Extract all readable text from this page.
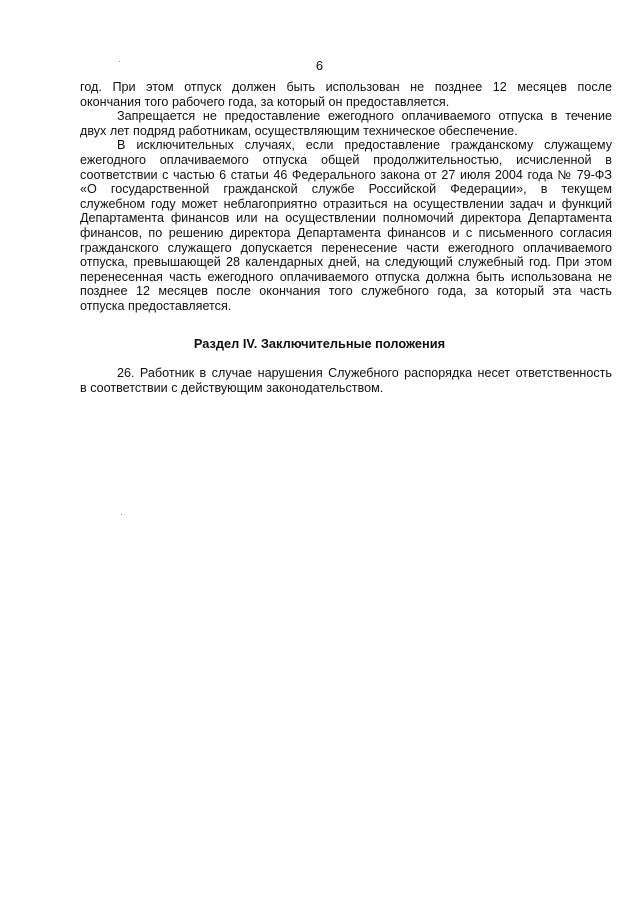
6
год. При этом отпуск должен быть использован не позднее 12 месяцев после
окончания того рабочего года, за который он предоставляется.
Запрещается не предоставление ежегодного оплачиваемого отпуска в течение
двух лет подряд работникам, осуществляющим техническое обеспечение.
В исключительных случаях, если предоставление гражданскому служащему
ежегодного оплачиваемого отпуска общей продолжительностью, исчисленной в
соответствии с частью 6 статьи 46 Федерального закона от 27 июля 2004 года № 79-ФЗ
«О государственной гражданской службе Российской Федерации», в текущем
служебном году может неблагоприятно отразиться на осуществлении задач и функций
Департамента финансов или на осуществлении полномочий директора Департамента
финансов, по решению директора Департамента финансов и с письменного согласия
гражданского служащего допускается перенесение части ежегодного оплачиваемого
отпуска, превышающей 28 календарных дней, на следующий служебный год. При этом
перенесенная часть ежегодного оплачиваемого отпуска должна быть использована не
позднее 12 месяцев после окончания того служебного года, за который эта часть
отпуска предоставляется.
Раздел IV. Заключительные положения
26. Работник в случае нарушения Служебного распорядка несет ответственность
в соответствии с действующим законодательством.
